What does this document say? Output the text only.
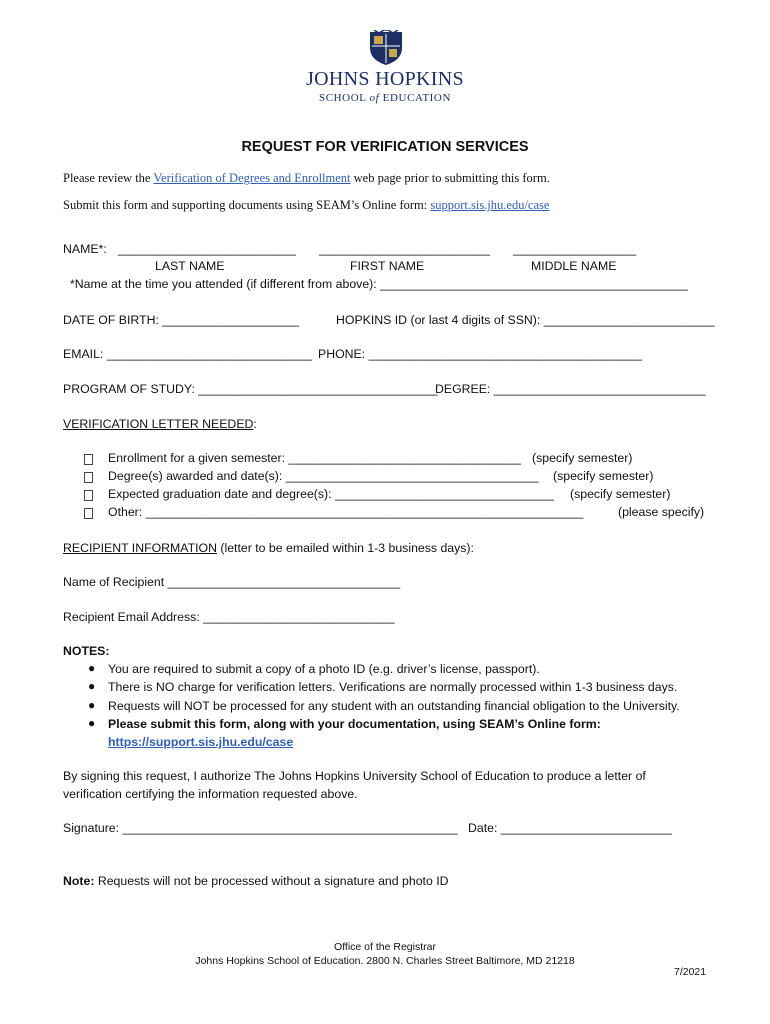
JOHNS HOPKINS
SCHOOL of EDUCATION
REQUEST FOR VERIFICATION SERVICES
Please review the Verification of Degrees and Enrollment web page prior to submitting this form.
Submit this form and supporting documents using SEAM’s Online form: support.sis.jhu.edu/case
NAME*: __________________________ _________________________ __________________
LAST NAME	FIRST NAME	MIDDLE NAME
*Name at the time you attended (if different from above): _____________________________________________
DATE OF BIRTH: ____________________	HOPKINS ID (or last 4 digits of SSN): _________________________
EMAIL: ______________________________ PHONE: ________________________________________
PROGRAM OF STUDY: ___________________________________
DEGREE: _______________________________
VERIFICATION LETTER NEEDED:
Enrollment for a given semester: __________________________________ (specify semester)
Degree(s) awarded and date(s): _____________________________________ (specify semester)
Expected graduation date and degree(s): ________________________________ (specify semester)
Other: ________________________________________________________________	(please specify)
RECIPIENT INFORMATION (letter to be emailed within 1-3 business days):
Name of Recipient __________________________________
Recipient Email Address: ____________________________
NOTES:
● You are required to submit a copy of a photo ID (e.g. driver’s license, passport).
● There is NO charge for verification letters. Verifications are normally processed within 1-3 business days.
● Requests will NOT be processed for any student with an outstanding financial obligation to the University.
● Please submit this form, along with your documentation, using SEAM’s Online form:
https://support.sis.jhu.edu/case
By signing this request, I authorize The Johns Hopkins University School of Education to produce a letter of
verification certifying the information requested above.
Signature: _________________________________________________ Date: _________________________
Note: Requests will not be processed without a signature and photo ID
Office of the Registrar
Johns Hopkins School of Education. 2800 N. Charles Street Baltimore, MD 21218
7/2021
